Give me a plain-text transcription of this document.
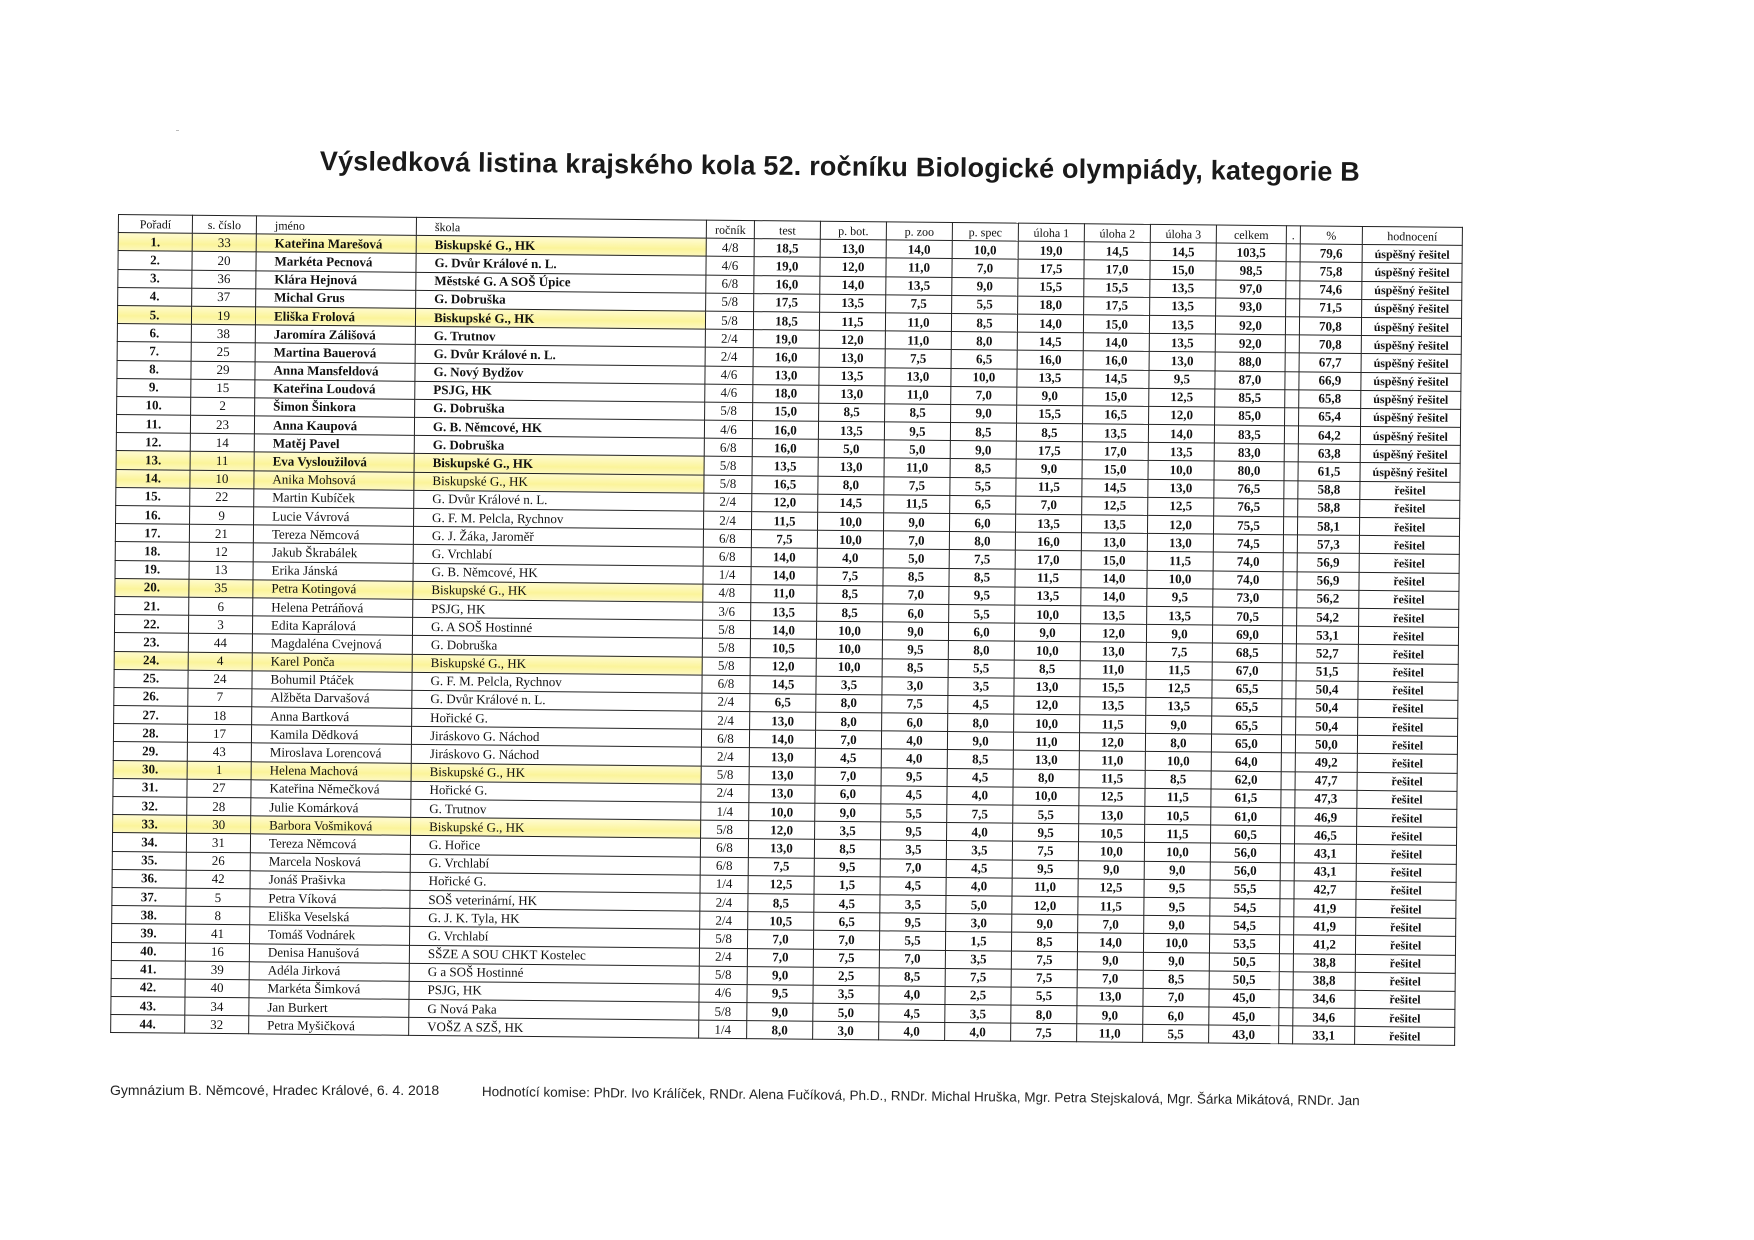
Výsledková listina krajského kola 52. ročníku Biologické olympiády, kategorie B
Pořadí	s. číslo	jméno	škola	ročník	test	p. bot.	p. zoo	p. spec	úloha 1	úloha 2	úloha 3	celkem	.	%	hodnocení
1.	33	Kateřina Marešová	Biskupské G., HK	4/8	18,5	13,0	14,0	10,0	19,0	14,5	14,5	103,5		79,6	úspěšný řešitel
2.	20	Markéta Pecnová	G. Dvůr Králové n. L.	4/6	19,0	12,0	11,0	7,0	17,5	17,0	15,0	98,5		75,8	úspěšný řešitel
3.	36	Klára Hejnová	Městské G. A SOŠ Úpice	6/8	16,0	14,0	13,5	9,0	15,5	15,5	13,5	97,0		74,6	úspěšný řešitel
4.	37	Michal Grus	G. Dobruška	5/8	17,5	13,5	7,5	5,5	18,0	17,5	13,5	93,0		71,5	úspěšný řešitel
5.	19	Eliška Frolová	Biskupské G., HK	5/8	18,5	11,5	11,0	8,5	14,0	15,0	13,5	92,0		70,8	úspěšný řešitel
6.	38	Jaromíra Zálišová	G. Trutnov	2/4	19,0	12,0	11,0	8,0	14,5	14,0	13,5	92,0		70,8	úspěšný řešitel
7.	25	Martina Bauerová	G. Dvůr Králové n. L.	2/4	16,0	13,0	7,5	6,5	16,0	16,0	13,0	88,0		67,7	úspěšný řešitel
8.	29	Anna Mansfeldová	G. Nový Bydžov	4/6	13,0	13,5	13,0	10,0	13,5	14,5	9,5	87,0		66,9	úspěšný řešitel
9.	15	Kateřina Loudová	PSJG, HK	4/6	18,0	13,0	11,0	7,0	9,0	15,0	12,5	85,5		65,8	úspěšný řešitel
10.	2	Šimon Šinkora	G. Dobruška	5/8	15,0	8,5	8,5	9,0	15,5	16,5	12,0	85,0		65,4	úspěšný řešitel
11.	23	Anna Kaupová	G. B. Němcové, HK	4/6	16,0	13,5	9,5	8,5	8,5	13,5	14,0	83,5		64,2	úspěšný řešitel
12.	14	Matěj Pavel	G. Dobruška	6/8	16,0	5,0	5,0	9,0	17,5	17,0	13,5	83,0		63,8	úspěšný řešitel
13.	11	Eva Vysloužilová	Biskupské G., HK	5/8	13,5	13,0	11,0	8,5	9,0	15,0	10,0	80,0		61,5	úspěšný řešitel
14.	10	Anika Mohsová	Biskupské G., HK	5/8	16,5	8,0	7,5	5,5	11,5	14,5	13,0	76,5		58,8	řešitel
15.	22	Martin Kubíček	G. Dvůr Králové n. L.	2/4	12,0	14,5	11,5	6,5	7,0	12,5	12,5	76,5		58,8	řešitel
16.	9	Lucie Vávrová	G. F. M. Pelcla, Rychnov	2/4	11,5	10,0	9,0	6,0	13,5	13,5	12,0	75,5		58,1	řešitel
17.	21	Tereza Němcová	G. J. Žáka, Jaroměř	6/8	7,5	10,0	7,0	8,0	16,0	13,0	13,0	74,5		57,3	řešitel
18.	12	Jakub Škrabálek	G. Vrchlabí	6/8	14,0	4,0	5,0	7,5	17,0	15,0	11,5	74,0		56,9	řešitel
19.	13	Erika Jánská	G. B. Němcové, HK	1/4	14,0	7,5	8,5	8,5	11,5	14,0	10,0	74,0		56,9	řešitel
20.	35	Petra Kotingová	Biskupské G., HK	4/8	11,0	8,5	7,0	9,5	13,5	14,0	9,5	73,0		56,2	řešitel
21.	6	Helena Petráňová	PSJG, HK	3/6	13,5	8,5	6,0	5,5	10,0	13,5	13,5	70,5		54,2	řešitel
22.	3	Edita Kaprálová	G. A SOŠ Hostinné	5/8	14,0	10,0	9,0	6,0	9,0	12,0	9,0	69,0		53,1	řešitel
23.	44	Magdaléna Cvejnová	G. Dobruška	5/8	10,5	10,0	9,5	8,0	10,0	13,0	7,5	68,5		52,7	řešitel
24.	4	Karel Ponča	Biskupské G., HK	5/8	12,0	10,0	8,5	5,5	8,5	11,0	11,5	67,0		51,5	řešitel
25.	24	Bohumil Ptáček	G. F. M. Pelcla, Rychnov	6/8	14,5	3,5	3,0	3,5	13,0	15,5	12,5	65,5		50,4	řešitel
26.	7	Alžběta Darvašová	G. Dvůr Králové n. L.	2/4	6,5	8,0	7,5	4,5	12,0	13,5	13,5	65,5		50,4	řešitel
27.	18	Anna Bartková	Hořické G.	2/4	13,0	8,0	6,0	8,0	10,0	11,5	9,0	65,5		50,4	řešitel
28.	17	Kamila Dědková	Jiráskovo G. Náchod	6/8	14,0	7,0	4,0	9,0	11,0	12,0	8,0	65,0		50,0	řešitel
29.	43	Miroslava Lorencová	Jiráskovo G. Náchod	2/4	13,0	4,5	4,0	8,5	13,0	11,0	10,0	64,0		49,2	řešitel
30.	1	Helena Machová	Biskupské G., HK	5/8	13,0	7,0	9,5	4,5	8,0	11,5	8,5	62,0		47,7	řešitel
31.	27	Kateřina Němečková	Hořické G.	2/4	13,0	6,0	4,5	4,0	10,0	12,5	11,5	61,5		47,3	řešitel
32.	28	Julie Komárková	G. Trutnov	1/4	10,0	9,0	5,5	7,5	5,5	13,0	10,5	61,0		46,9	řešitel
33.	30	Barbora Vošmiková	Biskupské G., HK	5/8	12,0	3,5	9,5	4,0	9,5	10,5	11,5	60,5		46,5	řešitel
34.	31	Tereza Němcová	G. Hořice	6/8	13,0	8,5	3,5	3,5	7,5	10,0	10,0	56,0		43,1	řešitel
35.	26	Marcela Nosková	G. Vrchlabí	6/8	7,5	9,5	7,0	4,5	9,5	9,0	9,0	56,0		43,1	řešitel
36.	42	Jonáš Prašivka	Hořické G.	1/4	12,5	1,5	4,5	4,0	11,0	12,5	9,5	55,5		42,7	řešitel
37.	5	Petra Víková	SOŠ veterinární, HK	2/4	8,5	4,5	3,5	5,0	12,0	11,5	9,5	54,5		41,9	řešitel
38.	8	Eliška Veselská	G. J. K. Tyla, HK	2/4	10,5	6,5	9,5	3,0	9,0	7,0	9,0	54,5		41,9	řešitel
39.	41	Tomáš Vodnárek	G. Vrchlabí	5/8	7,0	7,0	5,5	1,5	8,5	14,0	10,0	53,5		41,2	řešitel
40.	16	Denisa Hanušová	SŠZE A SOU CHKT Kostelec	2/4	7,0	7,5	7,0	3,5	7,5	9,0	9,0	50,5		38,8	řešitel
41.	39	Adéla Jirková	G a SOŠ Hostinné	5/8	9,0	2,5	8,5	7,5	7,5	7,0	8,5	50,5		38,8	řešitel
42.	40	Markéta Šimková	PSJG, HK	4/6	9,5	3,5	4,0	2,5	5,5	13,0	7,0	45,0		34,6	řešitel
43.	34	Jan Burkert	G Nová Paka	5/8	9,0	5,0	4,5	3,5	8,0	9,0	6,0	45,0		34,6	řešitel
44.	32	Petra Myšičková	VOŠZ A SZŠ, HK	1/4	8,0	3,0	4,0	4,0	7,5	11,0	5,5	43,0		33,1	řešitel
Gymnázium B. Němcové, Hradec Králové, 6. 4. 2018	Hodnotící komise: PhDr. Ivo Králíček, RNDr. Alena Fučíková, Ph.D., RNDr. Michal Hruška, Mgr. Petra Stejskalová, Mgr. Šárka Mikátová, RNDr. Jan
